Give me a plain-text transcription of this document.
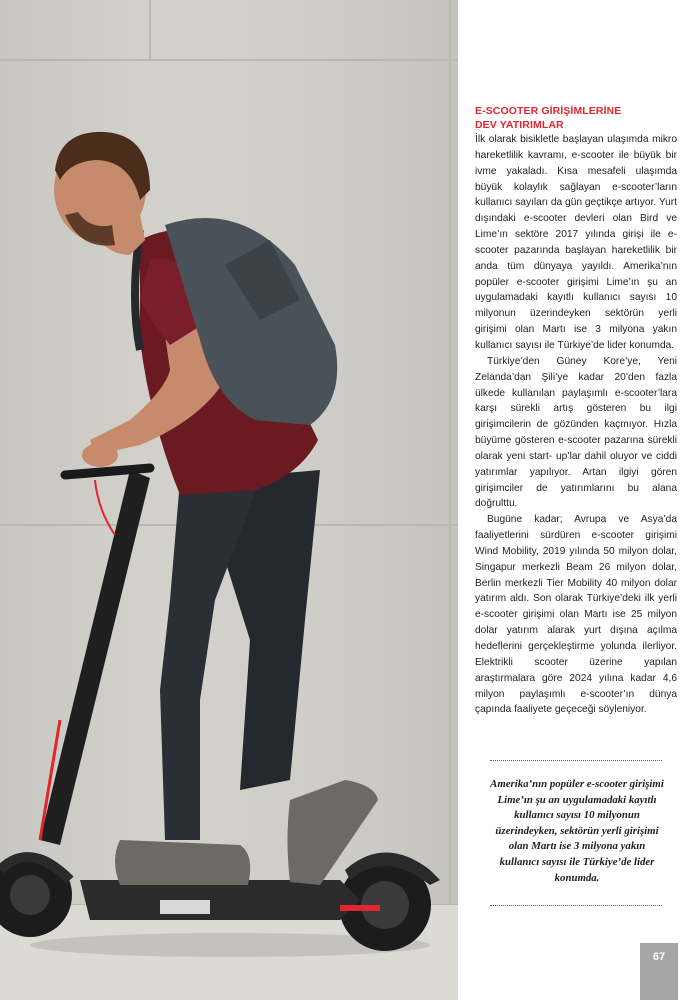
E-SCOOTER GİRİŞİMLERİNE
DEV YATIRIMLAR

İlk olarak bisikletle başlayan ulaşımda mikro hareketlilik kavramı, e-scooter ile büyük bir ivme yakaladı. Kısa mesafeli ulaşımda büyük kolaylık sağlayan e-scooter’ların kullanıcı sayıları da gün geçtikçe artıyor. Yurt dışındaki e-scooter devleri olan Bird ve Lime’ın sektöre 2017 yılında girişi ile e-scooter pazarında başlayan hareketlilik bir anda tüm dünyaya yayıldı. Amerika’nın popüler e-scooter girişimi Lime’ın şu an uygulamadaki kayıtlı kullanıcı sayısı 10 milyonun üzerindeyken sektörün yerli girişimi olan Martı ise 3 milyona yakın kullanıcı sayısı ile Türkiye’de lider konumda.

Türkiye’den Güney Kore’ye, Yeni Zelanda’dan Şili’ye kadar 20’den fazla ülkede kullanılan paylaşımlı e-scooter’lara karşı sürekli artış gösteren bu ilgi girişimcilerin de gözünden kaçmıyor. Hızla büyüme gösteren e-scooter pazarına sürekli olarak yeni start- up’lar dahil oluyor ve ciddi yatırımlar yapılıyor. Artan ilgiyi gören girişimciler de yatırımlarını bu alana doğrulttu.

Bugüne kadar; Avrupa ve Asya’da faaliyetlerini sürdüren e-scooter girişimi Wind Mobility, 2019 yılında 50 milyon dolar, Singapur merkezli Beam 26 milyon dolar, Berlin merkezli Tier Mobility 40 milyon dolar yatırım aldı. Son olarak Türkiye’deki ilk yerli e-scooter girişimi olan Martı ise 25 milyon dolar yatırım alarak yurt dışına açılma hedeflerini gerçekleştirme yolunda ilerliyor. Elektrikli scooter üzerine yapılan araştırmalara göre 2024 yılına kadar 4,6 milyon paylaşımlı e-scooter’ın dünya çapında faaliyete geçeceği söyleniyor.

Amerika’nın popüler e-scooter girişimi Lime’ın şu an uygulamadaki kayıtlı kullanıcı sayısı 10 milyonun üzerindeyken, sektörün yerli girişimi olan Martı ise 3 milyona yakın kullanıcı sayısı ile Türkiye’de lider konumda.

67
